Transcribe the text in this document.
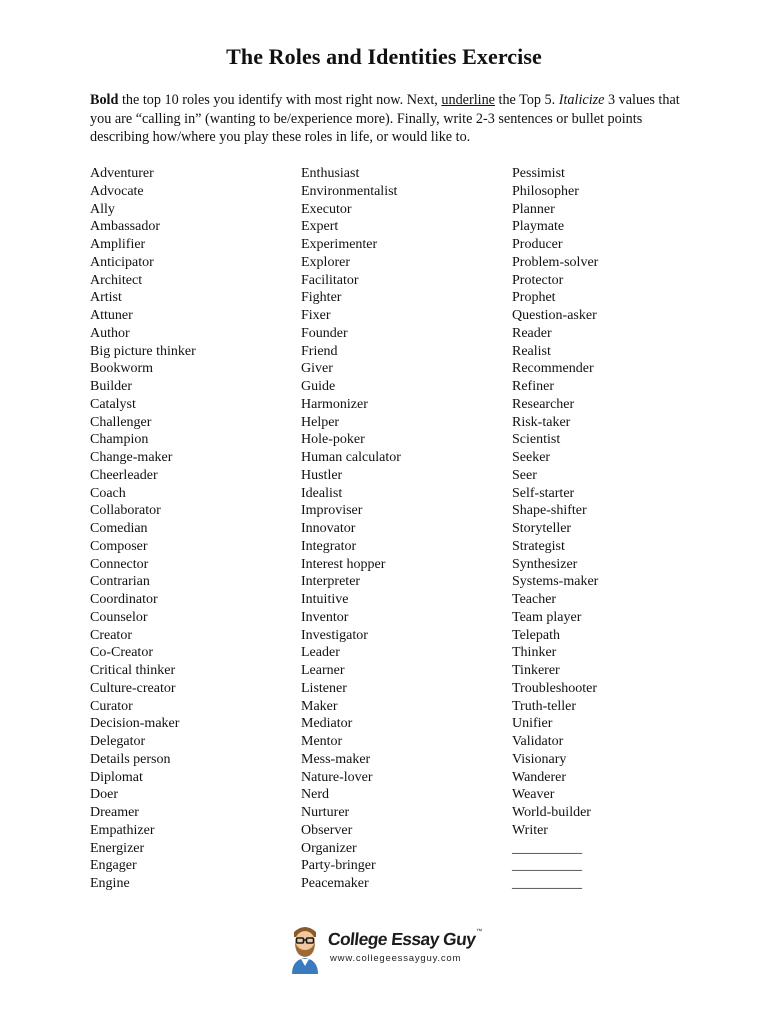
The Roles and Identities Exercise
Bold the top 10 roles you identify with most right now. Next, underline the Top 5. Italicize 3 values that you are “calling in” (wanting to be/experience more). Finally, write 2-3 sentences or bullet points describing how/where you play these roles in life, or would like to.
Adventurer
Advocate
Ally
Ambassador
Amplifier
Anticipator
Architect
Artist
Attuner
Author
Big picture thinker
Bookworm
Builder
Catalyst
Challenger
Champion
Change-maker
Cheerleader
Coach
Collaborator
Comedian
Composer
Connector
Contrarian
Coordinator
Counselor
Creator
Co-Creator
Critical thinker
Culture-creator
Curator
Decision-maker
Delegator
Details person
Diplomat
Doer
Dreamer
Empathizer
Energizer
Engager
Engine
Enthusiast
Environmentalist
Executor
Expert
Experimenter
Explorer
Facilitator
Fighter
Fixer
Founder
Friend
Giver
Guide
Harmonizer
Helper
Hole-poker
Human calculator
Hustler
Idealist
Improviser
Innovator
Integrator
Interest hopper
Interpreter
Intuitive
Inventor
Investigator
Leader
Learner
Listener
Maker
Mediator
Mentor
Mess-maker
Nature-lover
Nerd
Nurturer
Observer
Organizer
Party-bringer
Peacemaker
Pessimist
Philosopher
Planner
Playmate
Producer
Problem-solver
Protector
Prophet
Question-asker
Reader
Realist
Recommender
Refiner
Researcher
Risk-taker
Scientist
Seeker
Seer
Self-starter
Shape-shifter
Storyteller
Strategist
Synthesizer
Systems-maker
Teacher
Team player
Telepath
Thinker
Tinkerer
Troubleshooter
Truth-teller
Unifier
Validator
Visionary
Wanderer
Weaver
World-builder
Writer
__________
__________
__________
College Essay Guy™
www.collegeessayguy.com
